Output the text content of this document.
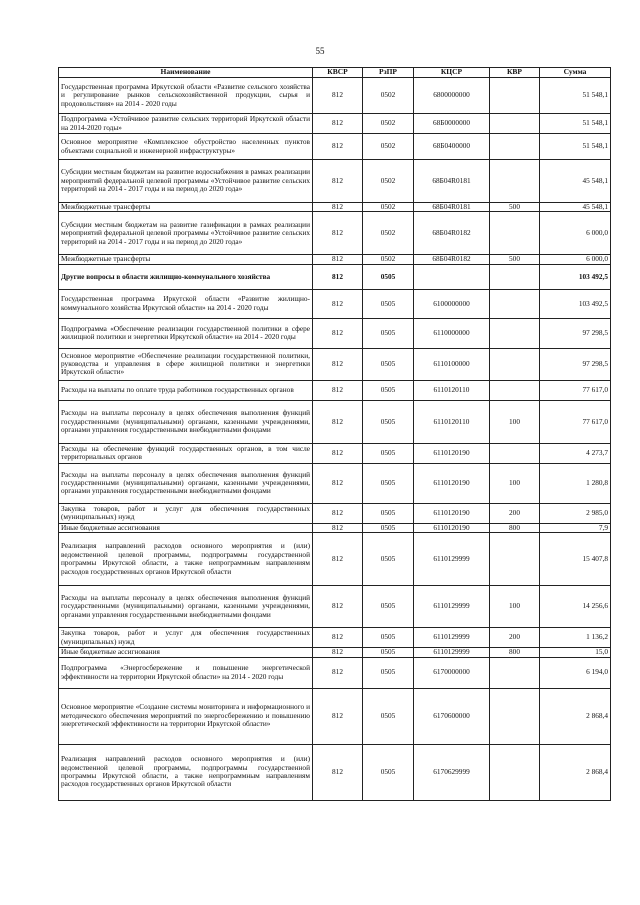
55
Наименование	КВСР	РзПР	КЦСР	КВР	Сумма
Государственная программа Иркутской области «Развитие сельского хозяйства и регулирование рынков сельскохозяйственной продукции, сырья и продовольствия» на 2014 - 2020 годы	812	0502	6800000000		51 548,1
Подпрограмма «Устойчивое развитие сельских территорий Иркутской области на 2014-2020 годы»	812	0502	68Б0000000		51 548,1
Основное мероприятие «Комплексное обустройство населенных пунктов объектами социальной и инженерной инфраструктуры»	812	0502	68Б0400000		51 548,1
Субсидии местным бюджетам на развитие водоснабжения в рамках реализации мероприятий федеральной целевой программы «Устойчивое развитие сельских территорий на 2014 - 2017 годы и на период до 2020 года»	812	0502	68Б04R0181		45 548,1
Межбюджетные трансферты	812	0502	68Б04R0181	500	45 548,1
Субсидии местным бюджетам на развитие газификации в рамках реализации мероприятий федеральной целевой программы «Устойчивое развитие сельских территорий на 2014 - 2017 годы и на период до 2020 года»	812	0502	68Б04R0182		6 000,0
Межбюджетные трансферты	812	0502	68Б04R0182	500	6 000,0
Другие вопросы в области жилищно-коммунального хозяйства	812	0505			103 492,5
Государственная программа Иркутской области «Развитие жилищно-коммунального хозяйства Иркутской области» на 2014 - 2020 годы	812	0505	6100000000		103 492,5
Подпрограмма «Обеспечение реализации государственной политики в сфере жилищной политики и энергетики Иркутской области» на 2014 - 2020 годы	812	0505	6110000000		97 298,5
Основное мероприятие «Обеспечение реализации государственной политики, руководства и управления в сфере жилищной политики и энергетики Иркутской области»	812	0505	6110100000		97 298,5
Расходы на выплаты по оплате труда работников государственных органов	812	0505	6110120110		77 617,0
Расходы на выплаты персоналу в целях обеспечения выполнения функций государственными (муниципальными) органами, казенными учреждениями, органами управления государственными внебюджетными фондами	812	0505	6110120110	100	77 617,0
Расходы на обеспечение функций государственных органов, в том числе территориальных органов	812	0505	6110120190		4 273,7
Расходы на выплаты персоналу в целях обеспечения выполнения функций государственными (муниципальными) органами, казенными учреждениями, органами управления государственными внебюджетными фондами	812	0505	6110120190	100	1 280,8
Закупка товаров, работ и услуг для обеспечения государственных (муниципальных) нужд	812	0505	6110120190	200	2 985,0
Иные бюджетные ассигнования	812	0505	6110120190	800	7,9
Реализация направлений расходов основного мероприятия и (или) ведомственной целевой программы, подпрограммы государственной программы Иркутской области, а также непрограммным направлениям расходов государственных органов Иркутской области	812	0505	6110129999		15 407,8
Расходы на выплаты персоналу в целях обеспечения выполнения функций государственными (муниципальными) органами, казенными учреждениями, органами управления государственными внебюджетными фондами	812	0505	6110129999	100	14 256,6
Закупка товаров, работ и услуг для обеспечения государственных (муниципальных) нужд	812	0505	6110129999	200	1 136,2
Иные бюджетные ассигнования	812	0505	6110129999	800	15,0
Подпрограмма «Энергосбережение и повышение энергетической эффективности на территории Иркутской области» на 2014 - 2020 годы	812	0505	6170000000		6 194,0
Основное мероприятие «Создание системы мониторинга и информационного и методического обеспечения мероприятий по энергосбережению и повышению энергетической эффективности на территории Иркутской области»	812	0505	6170600000		2 868,4
Реализация направлений расходов основного мероприятия и (или) ведомственной целевой программы, подпрограммы государственной программы Иркутской области, а также непрограммным направлениям расходов государственных органов Иркутской области	812	0505	6170629999		2 868,4
